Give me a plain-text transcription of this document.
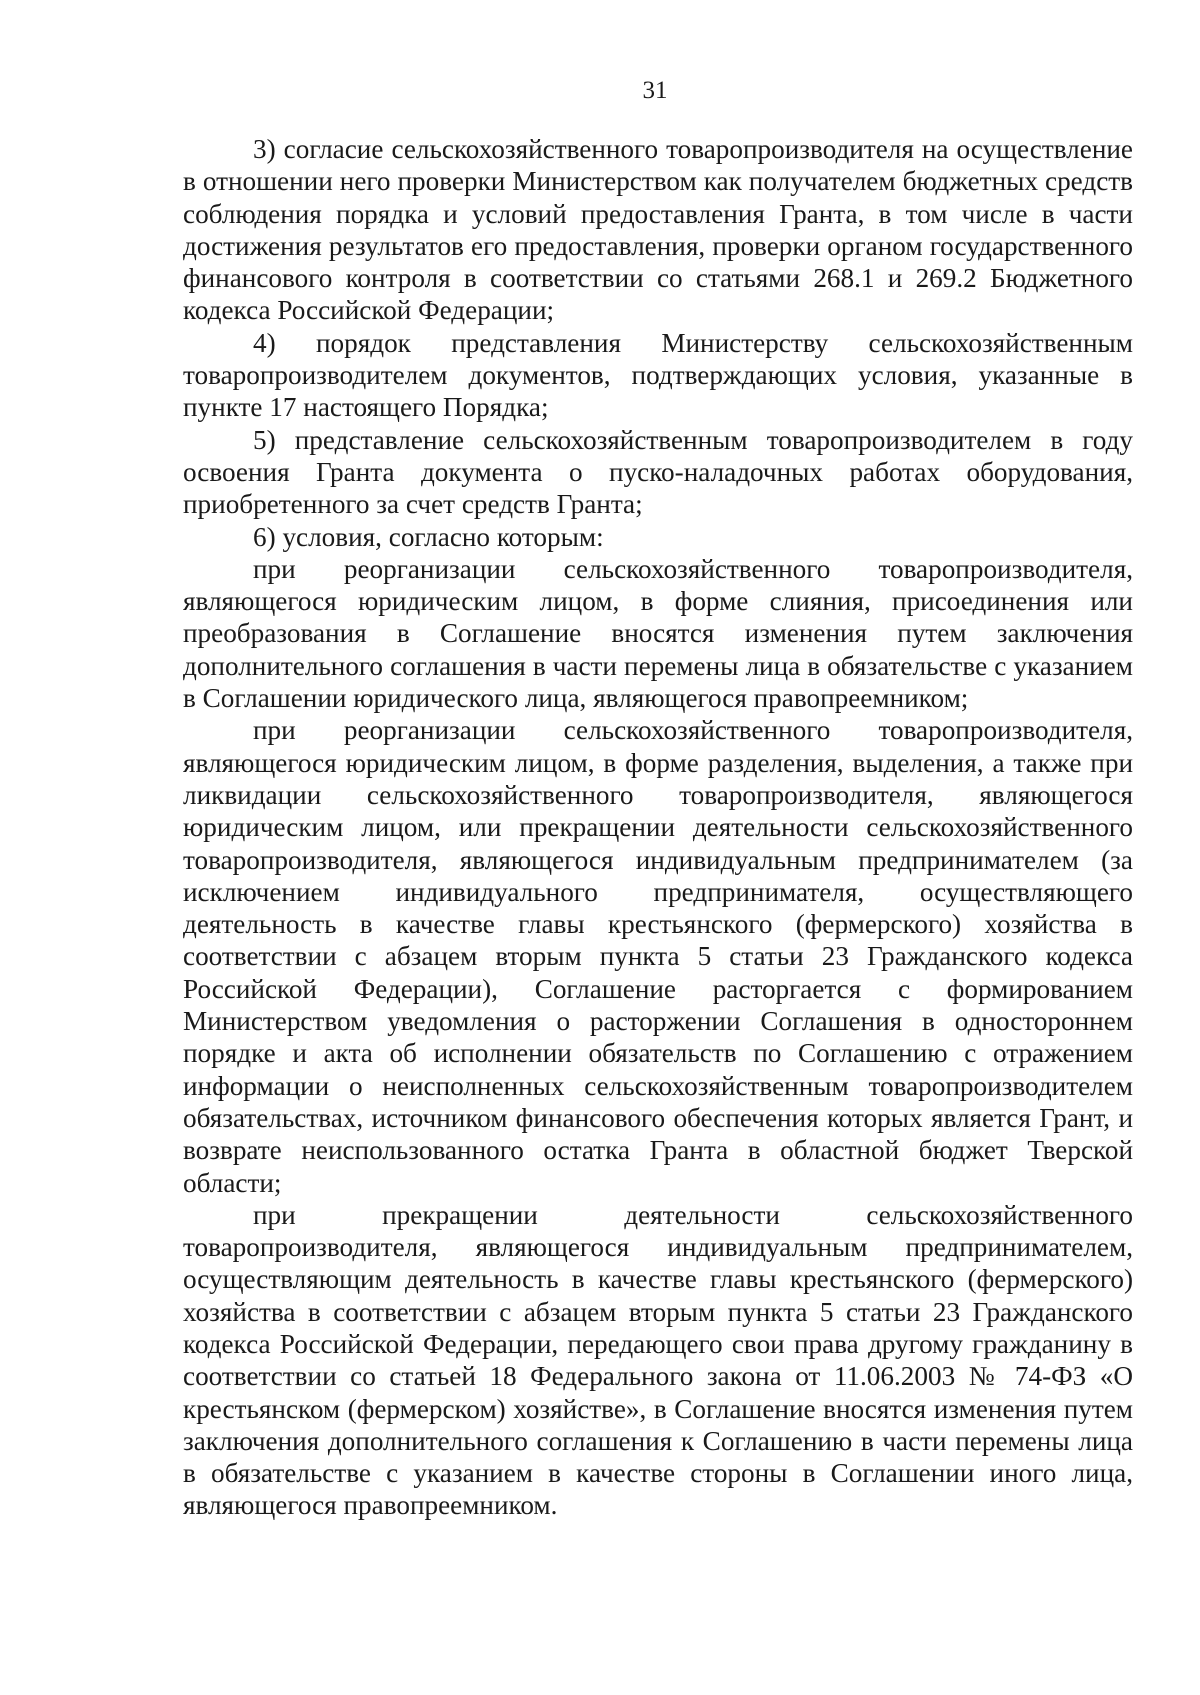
31

3) согласие сельскохозяйственного товаропроизводителя на осуществление в отношении него проверки Министерством как получателем бюджетных средств соблюдения порядка и условий предоставления Гранта, в том числе в части достижения результатов его предоставления, проверки органом государственного финансового контроля в соответствии со статьями 268.1 и 269.2 Бюджетного кодекса Российской Федерации;

4) порядок представления Министерству сельскохозяйственным товаропроизводителем документов, подтверждающих условия, указанные в пункте 17 настоящего Порядка;

5) представление сельскохозяйственным товаропроизводителем в году освоения Гранта документа о пуско-наладочных работах оборудования, приобретенного за счет средств Гранта;

6) условия, согласно которым:

при реорганизации сельскохозяйственного товаропроизводителя, являющегося юридическим лицом, в форме слияния, присоединения или преобразования в Соглашение вносятся изменения путем заключения дополнительного соглашения в части перемены лица в обязательстве с указанием в Соглашении юридического лица, являющегося правопреемником;

при реорганизации сельскохозяйственного товаропроизводителя, являющегося юридическим лицом, в форме разделения, выделения, а также при ликвидации сельскохозяйственного товаропроизводителя, являющегося юридическим лицом, или прекращении деятельности сельскохозяйственного товаропроизводителя, являющегося индивидуальным предпринимателем (за исключением индивидуального предпринимателя, осуществляющего деятельность в качестве главы крестьянского (фермерского) хозяйства в соответствии с абзацем вторым пункта 5 статьи 23 Гражданского кодекса Российской Федерации), Соглашение расторгается с формированием Министерством уведомления о расторжении Соглашения в одностороннем порядке и акта об исполнении обязательств по Соглашению с отражением информации о неисполненных сельскохозяйственным товаропроизводителем обязательствах, источником финансового обеспечения которых является Грант, и возврате неиспользованного остатка Гранта в областной бюджет Тверской области;

при прекращении деятельности сельскохозяйственного товаропроизводителя, являющегося индивидуальным предпринимателем, осуществляющим деятельность в качестве главы крестьянского (фермерского) хозяйства в соответствии с абзацем вторым пункта 5 статьи 23 Гражданского кодекса Российской Федерации, передающего свои права другому гражданину в соответствии со статьей 18 Федерального закона от 11.06.2003 № 74-ФЗ «О крестьянском (фермерском) хозяйстве», в Соглашение вносятся изменения путем заключения дополнительного соглашения к Соглашению в части перемены лица в обязательстве с указанием в качестве стороны в Соглашении иного лица, являющегося правопреемником.
